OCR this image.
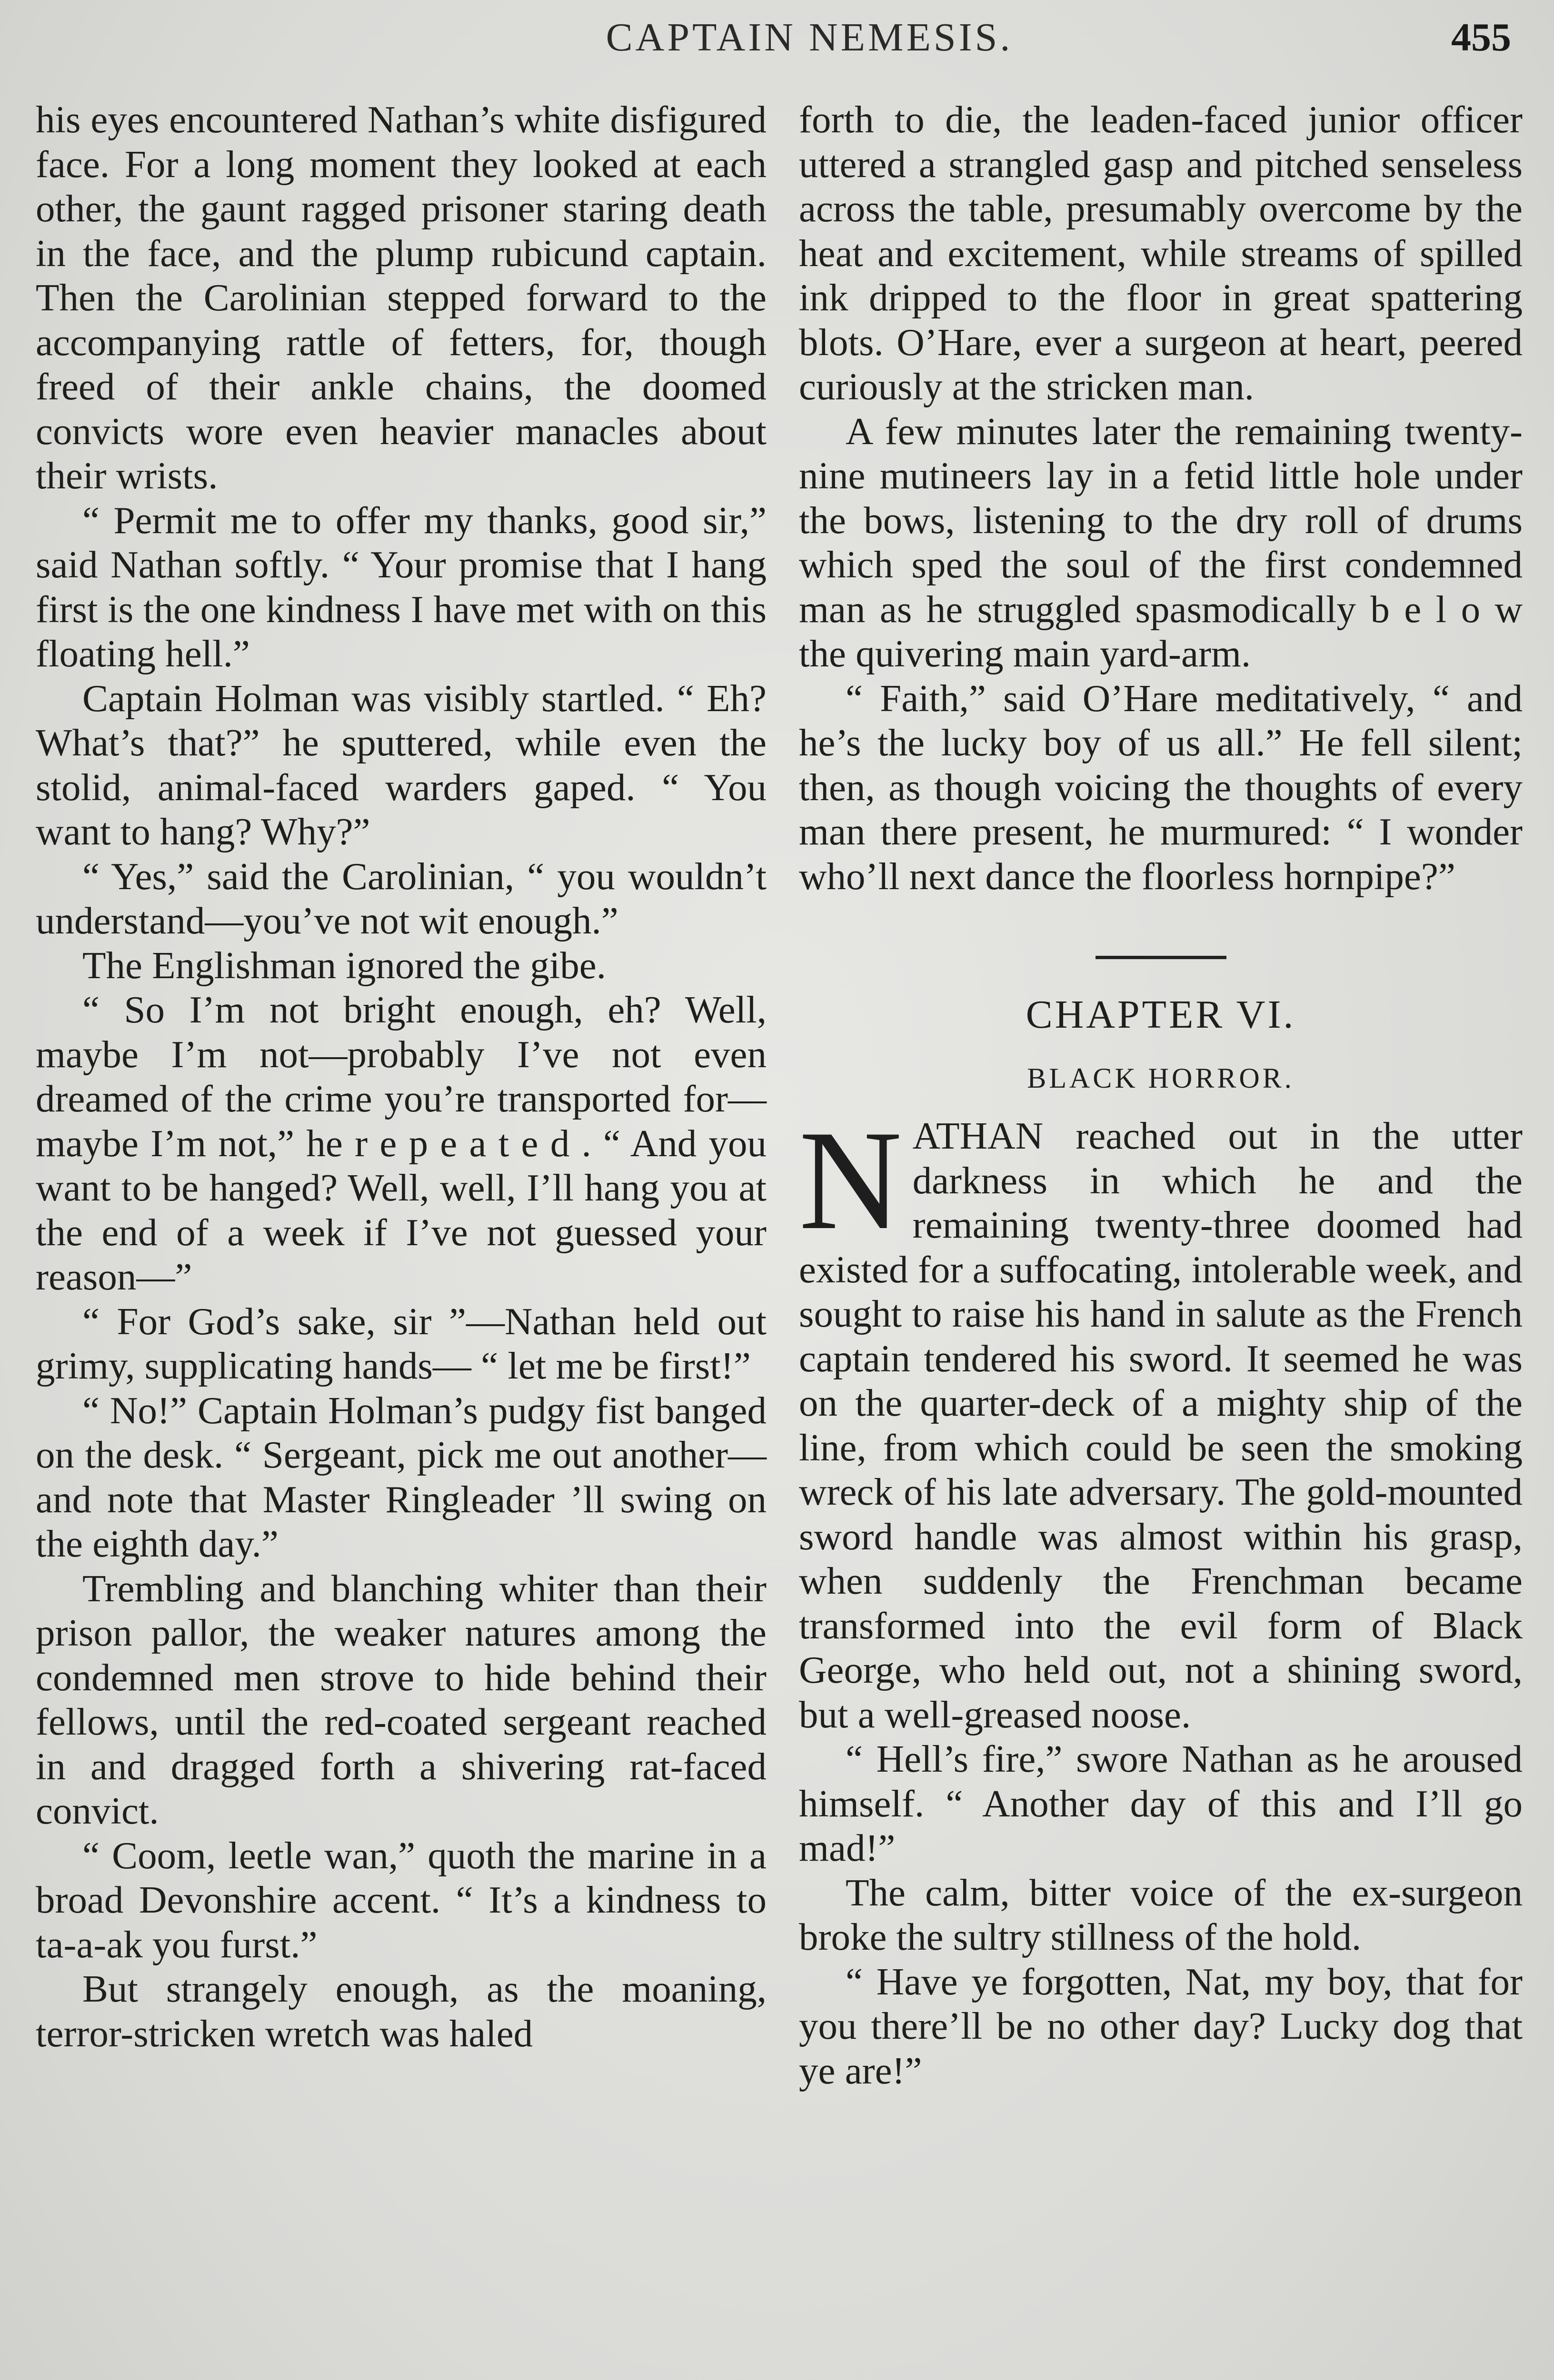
CAPTAIN NEMESIS.	455

his eyes encountered Nathan’s white disfigured face. For a long moment they looked at each other, the gaunt ragged prisoner staring death in the face, and the plump rubicund captain. Then the Carolinian stepped forward to the accompanying rattle of fetters, for, though freed of their ankle chains, the doomed convicts wore even heavier manacles about their wrists.

“ Permit me to offer my thanks, good sir,” said Nathan softly. “ Your promise that I hang first is the one kindness I have met with on this floating hell.”

Captain Holman was visibly startled. “ Eh? What’s that?” he sputtered, while even the stolid, animal-faced warders gaped. “ You want to hang? Why?”

“ Yes,” said the Carolinian, “ you wouldn’t understand—you’ve not wit enough.”

The Englishman ignored the gibe.

“ So I’m not bright enough, eh? Well, maybe I’m not—probably I’ve not even dreamed of the crime you’re transported for—maybe I’m not,” he r e p e a t e d . “ And you want to be hanged? Well, well, I’ll hang you at the end of a week if I’ve not guessed your reason—”

“ For God’s sake, sir ”—Nathan held out grimy, supplicating hands— “ let me be first!”

“ No!” Captain Holman’s pudgy fist banged on the desk. “ Sergeant, pick me out another—and note that Master Ringleader ’ll swing on the eighth day.”

Trembling and blanching whiter than their prison pallor, the weaker natures among the condemned men strove to hide behind their fellows, until the red-coated sergeant reached in and dragged forth a shivering rat-faced convict.

“ Coom, leetle wan,” quoth the marine in a broad Devonshire accent. “ It’s a kindness to ta-a-ak you furst.”

But strangely enough, as the moaning, terror-stricken wretch was haled

forth to die, the leaden-faced junior officer uttered a strangled gasp and pitched senseless across the table, presumably overcome by the heat and excitement, while streams of spilled ink dripped to the floor in great spattering blots. O’Hare, ever a surgeon at heart, peered curiously at the stricken man.

A few minutes later the remaining twenty-nine mutineers lay in a fetid little hole under the bows, listening to the dry roll of drums which sped the soul of the first condemned man as he struggled spasmodically b e l o w the quivering main yard-arm.

“ Faith,” said O’Hare meditatively, “ and he’s the lucky boy of us all.” He fell silent; then, as though voicing the thoughts of every man there present, he murmured: “ I wonder who’ll next dance the floorless hornpipe?”

CHAPTER VI.
BLACK HORROR.

NATHAN reached out in the utter darkness in which he and the remaining twenty-three doomed had existed for a suffocating, intolerable week, and sought to raise his hand in salute as the French captain tendered his sword. It seemed he was on the quarter-deck of a mighty ship of the line, from which could be seen the smoking wreck of his late adversary. The gold-mounted sword handle was almost within his grasp, when suddenly the Frenchman became transformed into the evil form of Black George, who held out, not a shining sword, but a well-greased noose.

“ Hell’s fire,” swore Nathan as he aroused himself. “ Another day of this and I’ll go mad!”

The calm, bitter voice of the ex-surgeon broke the sultry stillness of the hold.

“ Have ye forgotten, Nat, my boy, that for you there’ll be no other day? Lucky dog that ye are!”
